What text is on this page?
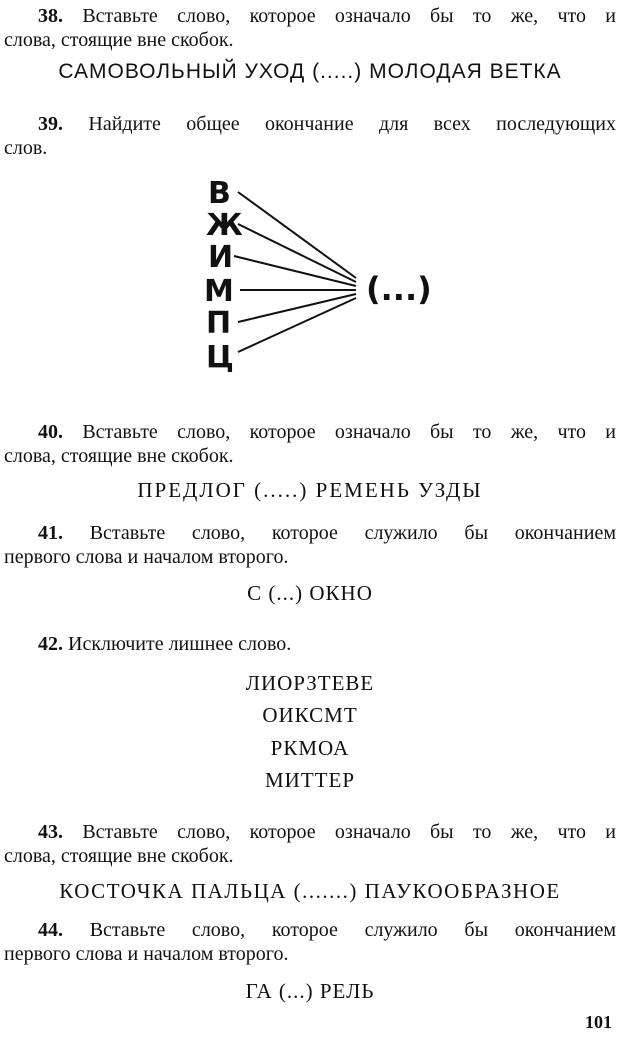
38. Вставьте слово, которое означало бы то же, что и
слова, стоящие вне скобок.
САМОВОЛЬНЫЙ УХОД (.....) МОЛОДАЯ ВЕТКА
39. Найдите общее окончание для всех последующих
слов.
В
Ж
И
М
П
Ц
(...)
40. Вставьте слово, которое означало бы то же, что и
слова, стоящие вне скобок.
ПРЕДЛОГ (.....) РЕМЕНЬ УЗДЫ
41. Вставьте слово, которое служило бы окончанием
первого слова и началом второго.
С (...) ОКНО
42. Исключите лишнее слово.
ЛИОРЗТЕВЕ
ОИКСМТ
РКМОА
МИТТЕР
43. Вставьте слово, которое означало бы то же, что и
слова, стоящие вне скобок.
КОСТОЧКА ПАЛЬЦА (.......) ПАУКООБРАЗНОЕ
44. Вставьте слово, которое служило бы окончанием
первого слова и началом второго.
ГА (...) РЕЛЬ
101
